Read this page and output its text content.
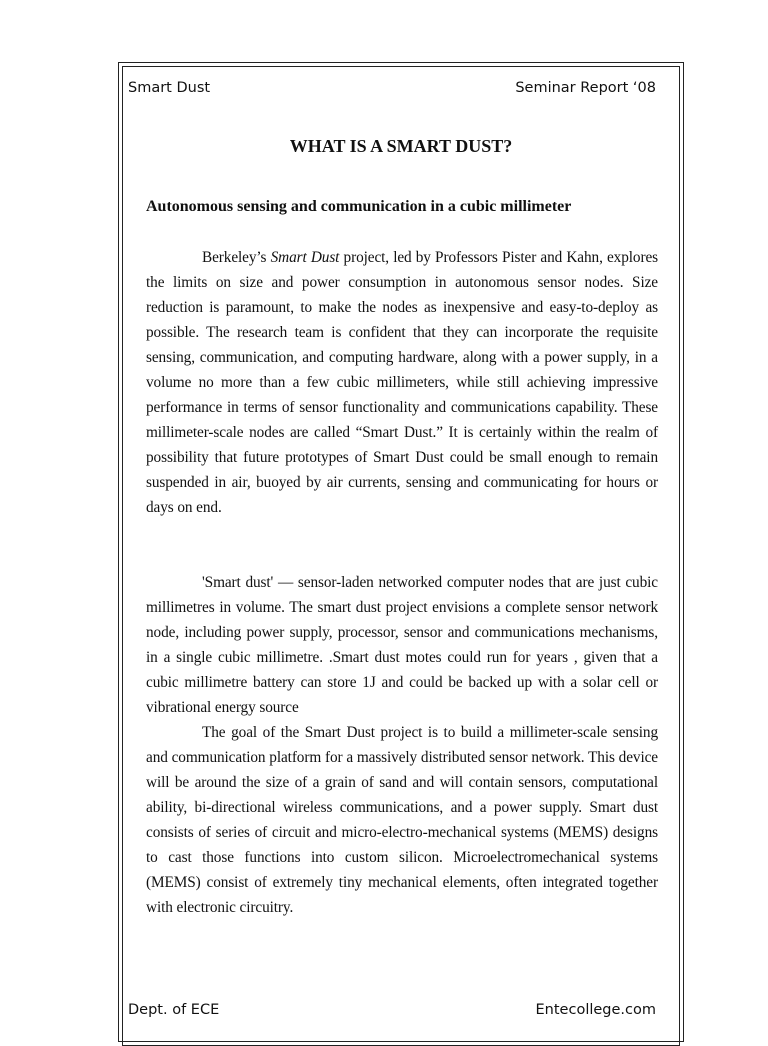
Smart Dust	Seminar Report ‘08
WHAT IS A SMART DUST?
Autonomous sensing and communication in a cubic millimeter

Berkeley’s Smart Dust project, led by Professors Pister and Kahn, explores the limits on size and power consumption in autonomous sensor nodes. Size reduction is paramount, to make the nodes as inexpensive and easy-to-deploy as possible. The research team is confident that they can incorporate the requisite sensing, communication, and computing hardware, along with a power supply, in a volume no more than a few cubic millimeters, while still achieving impressive performance in terms of sensor functionality and communications capability. These millimeter-scale nodes are called “Smart Dust.” It is certainly within the realm of possibility that future prototypes of Smart Dust could be small enough to remain suspended in air, buoyed by air currents, sensing and communicating for hours or days on end.

'Smart dust' — sensor-laden networked computer nodes that are just cubic millimetres in volume. The smart dust project envisions a complete sensor network node, including power supply, processor, sensor and communications mechanisms, in a single cubic millimetre. .Smart dust motes could run for years , given that a cubic millimetre battery can store 1J and could be backed up with a solar cell or vibrational energy source

The goal of the Smart Dust project is to build a millimeter-scale sensing and communication platform for a massively distributed sensor network. This device will be around the size of a grain of sand and will contain sensors, computational ability, bi-directional wireless communications, and a power supply. Smart dust consists of series of circuit and micro-electro-mechanical systems (MEMS) designs to cast those functions into custom silicon. Microelectromechanical systems (MEMS) consist of extremely tiny mechanical elements, often integrated together with electronic circuitry.

Dept. of ECE	Entecollege.com
